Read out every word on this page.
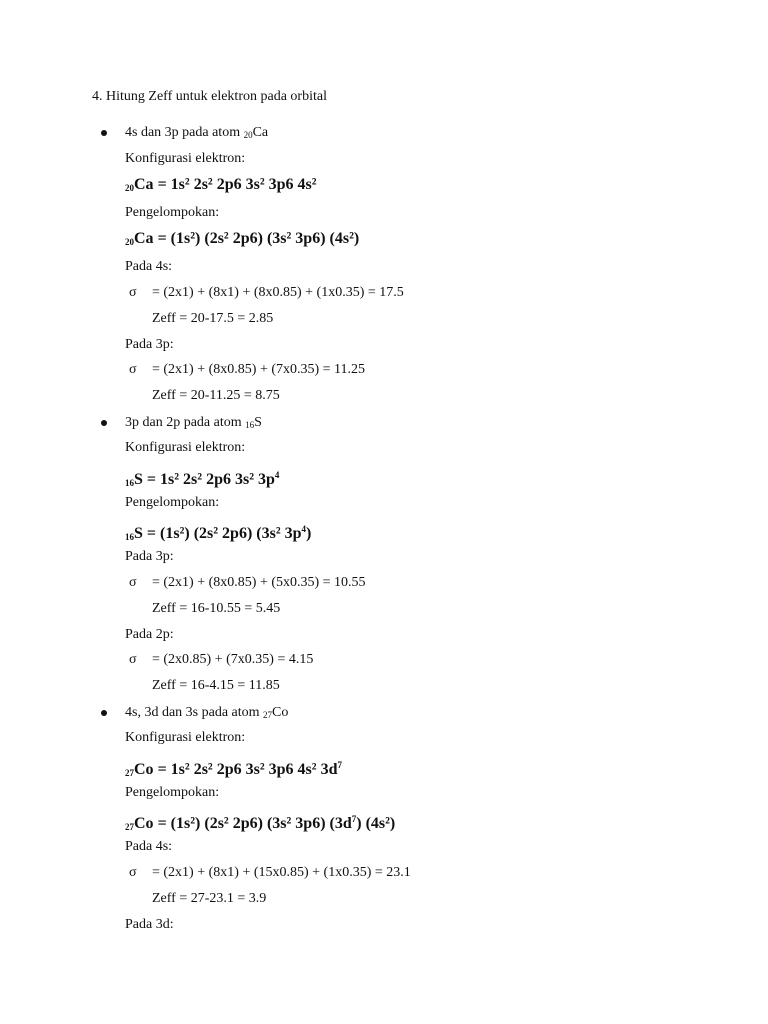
4. Hitung Zeff untuk elektron pada orbital
4s dan 3p pada atom $_{20}$Ca
Konfigurasi elektron:
$_{20}$Ca = 1s² 2s² 2p6 3s² 3p6 4s²
Pengelompokan:
$_{20}$Ca = (1s²) (2s² 2p6) (3s² 3p6) (4s²)
Pada 4s:
σ = (2x1) + (8x1) + (8x0.85) + (1x0.35) = 17.5
Zeff = 20-17.5 = 2.85
Pada 3p:
σ = (2x1) + (8x0.85) + (7x0.35) = 11.25
Zeff = 20-11.25 = 8.75
3p dan 2p pada atom $_{16}$S
Konfigurasi elektron:
$_{16}$S = 1s² 2s² 2p6 3s² $3p^4$
Pengelompokan:
$_{16}$S = (1s²) (2s² 2p6) (3s² $3p^4$)
Pada 3p:
σ = (2x1) + (8x0.85) + (5x0.35) = 10.55
Zeff = 16-10.55 = 5.45
Pada 2p:
σ = (2x0.85) + (7x0.35) = 4.15
Zeff = 16-4.15 = 11.85
4s, 3d dan 3s pada atom $_{27}$Co
Konfigurasi elektron:
$_{27}$Co = 1s² 2s² 2p6 3s² 3p6 4s² $3d^7$
Pengelompokan:
$_{27}$Co = (1s²) (2s² 2p6) (3s² 3p6) $(3d^7)$ (4s²)
Pada 4s:
σ = (2x1) + (8x1) + (15x0.85) + (1x0.35) = 23.1
Zeff = 27-23.1 = 3.9
Pada 3d:
